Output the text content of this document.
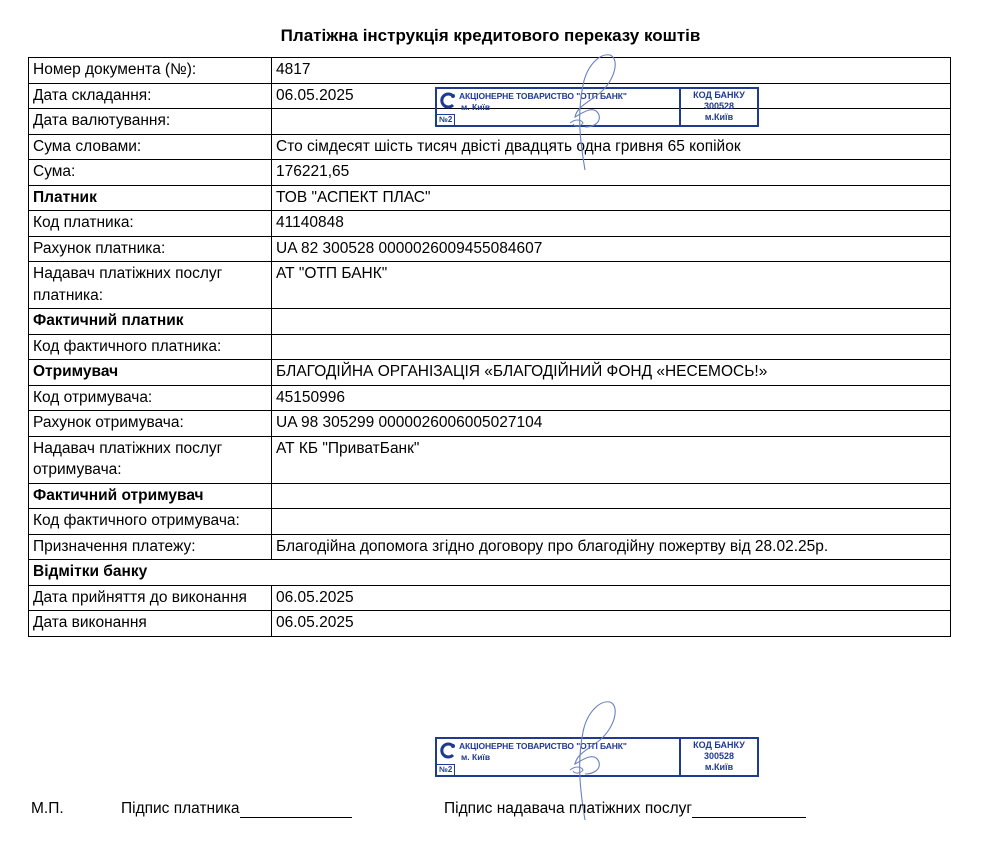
Платіжна інструкція кредитового переказу коштів
Номер документа (№):	4817
Дата складання:	06.05.2025
Дата валютування:	
Сума словами:	Сто сімдесят шість тисяч двісті двадцять одна гривня 65 копійок
Сума:	176221,65
Платник	ТОВ "АСПЕКТ ПЛАС"
Код платника:	41140848
Рахунок платника:	UA 82 300528 0000026009455084607
Надавач платіжних послуг платника:	АТ "ОТП БАНК"
Фактичний платник	
Код фактичного платника:	
Отримувач	БЛАГОДІЙНА ОРГАНІЗАЦІЯ «БЛАГОДІЙНИЙ ФОНД «НЕСЕМОСЬ!»
Код отримувача:	45150996
Рахунок отримувача:	UA 98 305299 0000026006005027104
Надавач платіжних послуг отримувача:	АТ КБ "ПриватБанк"
Фактичний отримувач	
Код фактичного отримувача:	
Призначення платежу:	Благодійна допомога згідно договору про благодійну пожертву від 28.02.25р.
Відмітки банку	
Дата прийняття до виконання	06.05.2025
Дата виконання	06.05.2025
АКЦІОНЕРНЕ ТОВАРИСТВО "ОТП БАНК"
м. Київ
№2
КОД БАНКУ
300528
м.Київ
АКЦІОНЕРНЕ ТОВАРИСТВО "ОТП БАНК"
м. Київ
№2
КОД БАНКУ
300528
м.Київ
М.П.	Підпис платника	Підпис надавача платіжних послуг
